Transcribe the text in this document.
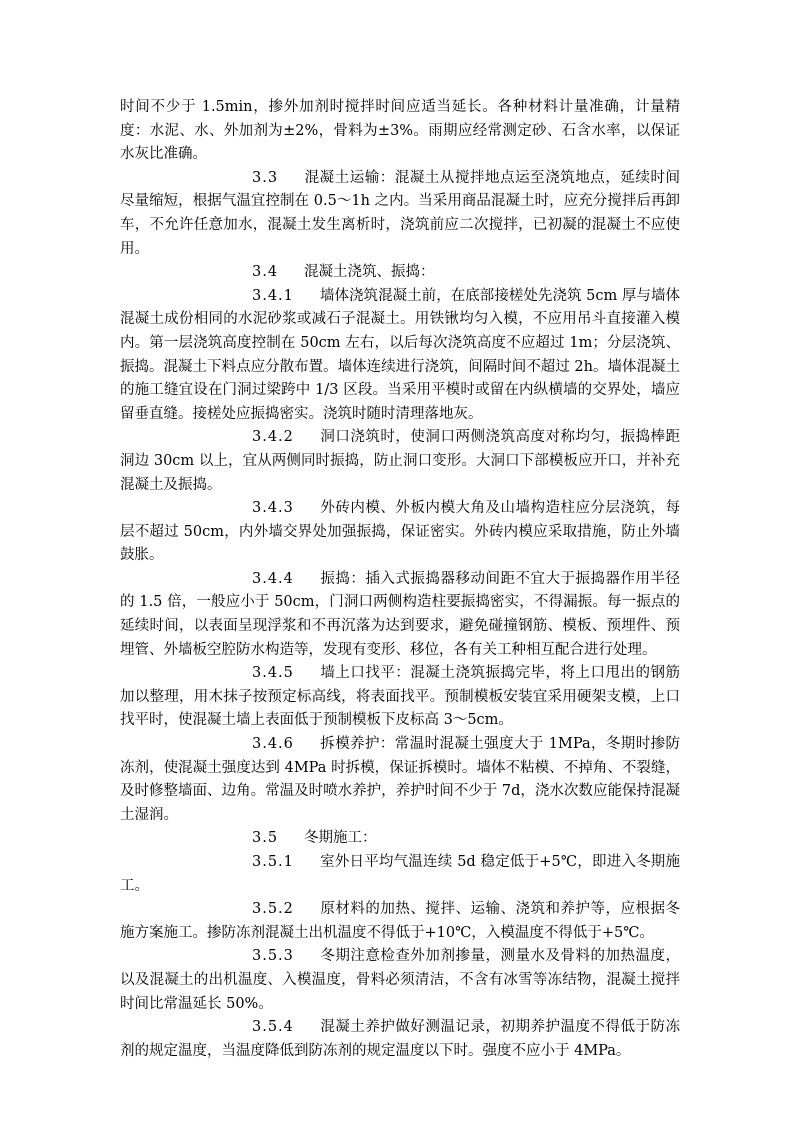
时间不少于 1.5min，掺外加剂时搅拌时间应适当延长。各种材料计量准确，计量精度：水泥、水、外加剂为±2%，骨料为±3%。雨期应经常测定砂、石含水率，以保证水灰比准确。

3.3 混凝土运输：混凝土从搅拌地点运至浇筑地点，延续时间尽量缩短，根据气温宜控制在 0.5～1h 之内。当采用商品混凝土时，应充分搅拌后再卸车，不允许任意加水，混凝土发生离析时，浇筑前应二次搅拌，已初凝的混凝土不应使用。

3.4 混凝土浇筑、振捣：

3.4.1 墙体浇筑混凝土前，在底部接槎处先浇筑 5cm 厚与墙体混凝土成份相同的水泥砂浆或减石子混凝土。用铁锹均匀入模，不应用吊斗直接灌入模内。第一层浇筑高度控制在 50cm 左右，以后每次浇筑高度不应超过 1m；分层浇筑、振捣。混凝土下料点应分散布置。墙体连续进行浇筑，间隔时间不超过 2h。墙体混凝土的施工缝宜设在门洞过梁跨中 1/3 区段。当采用平模时或留在内纵横墙的交界处，墙应留垂直缝。接槎处应振捣密实。浇筑时随时清理落地灰。

3.4.2 洞口浇筑时，使洞口两侧浇筑高度对称均匀，振捣棒距洞边 30cm 以上，宜从两侧同时振捣，防止洞口变形。大洞口下部模板应开口，并补充混凝土及振捣。

3.4.3 外砖内模、外板内模大角及山墙构造柱应分层浇筑，每层不超过 50cm，内外墙交界处加强振捣，保证密实。外砖内模应采取措施，防止外墙鼓胀。

3.4.4 振捣：插入式振捣器移动间距不宜大于振捣器作用半径的 1.5 倍，一般应小于 50cm，门洞口两侧构造柱要振捣密实，不得漏振。每一振点的延续时间，以表面呈现浮浆和不再沉落为达到要求，避免碰撞钢筋、模板、预埋件、预埋管、外墙板空腔防水构造等，发现有变形、移位，各有关工种相互配合进行处理。

3.4.5 墙上口找平：混凝土浇筑振捣完毕，将上口甩出的钢筋加以整理，用木抹子按预定标高线，将表面找平。预制模板安装宜采用硬架支模，上口找平时，使混凝土墙上表面低于预制模板下皮标高 3～5cm。

3.4.6 拆模养护：常温时混凝土强度大于 1MPa，冬期时掺防冻剂，使混凝土强度达到 4MPa 时拆模，保证拆模时。墙体不粘模、不掉角、不裂缝，及时修整墙面、边角。常温及时喷水养护，养护时间不少于 7d，浇水次数应能保持混凝土湿润。

3.5 冬期施工：

3.5.1 室外日平均气温连续 5d 稳定低于+5℃，即进入冬期施工。

3.5.2 原材料的加热、搅拌、运输、浇筑和养护等，应根据冬施方案施工。掺防冻剂混凝土出机温度不得低于+10℃，入模温度不得低于+5℃。

3.5.3 冬期注意检查外加剂掺量，测量水及骨料的加热温度，以及混凝土的出机温度、入模温度，骨料必须清洁，不含有冰雪等冻结物，混凝土搅拌时间比常温延长 50%。

3.5.4 混凝土养护做好测温记录，初期养护温度不得低于防冻剂的规定温度，当温度降低到防冻剂的规定温度以下时。强度不应小于 4MPa。
